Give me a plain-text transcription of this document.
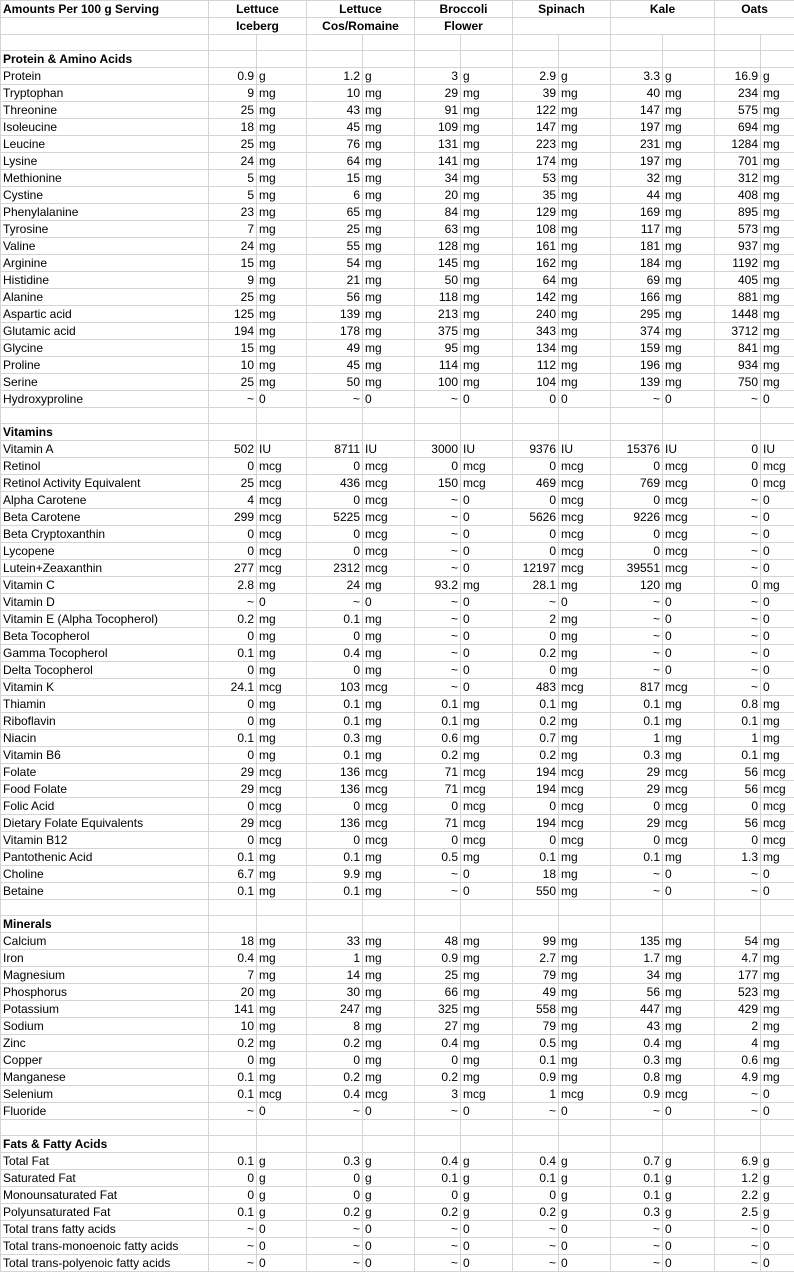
Amounts Per 100 g Serving	Lettuce		Lettuce		Broccoli		Spinach		Kale		Oats	
	Iceberg		Cos/Romaine		Flower							

Protein & Amino Acids												
Protein	0.9	g	1.2	g	3	g	2.9	g	3.3	g	16.9	g
Tryptophan	9	mg	10	mg	29	mg	39	mg	40	mg	234	mg
Threonine	25	mg	43	mg	91	mg	122	mg	147	mg	575	mg
Isoleucine	18	mg	45	mg	109	mg	147	mg	197	mg	694	mg
Leucine	25	mg	76	mg	131	mg	223	mg	231	mg	1284	mg
Lysine	24	mg	64	mg	141	mg	174	mg	197	mg	701	mg
Methionine	5	mg	15	mg	34	mg	53	mg	32	mg	312	mg
Cystine	5	mg	6	mg	20	mg	35	mg	44	mg	408	mg
Phenylalanine	23	mg	65	mg	84	mg	129	mg	169	mg	895	mg
Tyrosine	7	mg	25	mg	63	mg	108	mg	117	mg	573	mg
Valine	24	mg	55	mg	128	mg	161	mg	181	mg	937	mg
Arginine	15	mg	54	mg	145	mg	162	mg	184	mg	1192	mg
Histidine	9	mg	21	mg	50	mg	64	mg	69	mg	405	mg
Alanine	25	mg	56	mg	118	mg	142	mg	166	mg	881	mg
Aspartic acid	125	mg	139	mg	213	mg	240	mg	295	mg	1448	mg
Glutamic acid	194	mg	178	mg	375	mg	343	mg	374	mg	3712	mg
Glycine	15	mg	49	mg	95	mg	134	mg	159	mg	841	mg
Proline	10	mg	45	mg	114	mg	112	mg	196	mg	934	mg
Serine	25	mg	50	mg	100	mg	104	mg	139	mg	750	mg
Hydroxyproline	~	0	~	0	~	0	0	0	~	0	~	0

Vitamins												
Vitamin A	502	IU	8711	IU	3000	IU	9376	IU	15376	IU	0	IU
Retinol	0	mcg	0	mcg	0	mcg	0	mcg	0	mcg	0	mcg
Retinol Activity Equivalent	25	mcg	436	mcg	150	mcg	469	mcg	769	mcg	0	mcg
Alpha Carotene	4	mcg	0	mcg	~	0	0	mcg	0	mcg	~	0
Beta Carotene	299	mcg	5225	mcg	~	0	5626	mcg	9226	mcg	~	0
Beta Cryptoxanthin	0	mcg	0	mcg	~	0	0	mcg	0	mcg	~	0
Lycopene	0	mcg	0	mcg	~	0	0	mcg	0	mcg	~	0
Lutein+Zeaxanthin	277	mcg	2312	mcg	~	0	12197	mcg	39551	mcg	~	0
Vitamin C	2.8	mg	24	mg	93.2	mg	28.1	mg	120	mg	0	mg
Vitamin D	~	0	~	0	~	0	~	0	~	0	~	0
Vitamin E (Alpha Tocopherol)	0.2	mg	0.1	mg	~	0	2	mg	~	0	~	0
Beta Tocopherol	0	mg	0	mg	~	0	0	mg	~	0	~	0
Gamma Tocopherol	0.1	mg	0.4	mg	~	0	0.2	mg	~	0	~	0
Delta Tocopherol	0	mg	0	mg	~	0	0	mg	~	0	~	0
Vitamin K	24.1	mcg	103	mcg	~	0	483	mcg	817	mcg	~	0
Thiamin	0	mg	0.1	mg	0.1	mg	0.1	mg	0.1	mg	0.8	mg
Riboflavin	0	mg	0.1	mg	0.1	mg	0.2	mg	0.1	mg	0.1	mg
Niacin	0.1	mg	0.3	mg	0.6	mg	0.7	mg	1	mg	1	mg
Vitamin B6	0	mg	0.1	mg	0.2	mg	0.2	mg	0.3	mg	0.1	mg
Folate	29	mcg	136	mcg	71	mcg	194	mcg	29	mcg	56	mcg
Food Folate	29	mcg	136	mcg	71	mcg	194	mcg	29	mcg	56	mcg
Folic Acid	0	mcg	0	mcg	0	mcg	0	mcg	0	mcg	0	mcg
Dietary Folate Equivalents	29	mcg	136	mcg	71	mcg	194	mcg	29	mcg	56	mcg
Vitamin B12	0	mcg	0	mcg	0	mcg	0	mcg	0	mcg	0	mcg
Pantothenic Acid	0.1	mg	0.1	mg	0.5	mg	0.1	mg	0.1	mg	1.3	mg
Choline	6.7	mg	9.9	mg	~	0	18	mg	~	0	~	0
Betaine	0.1	mg	0.1	mg	~	0	550	mg	~	0	~	0

Minerals												
Calcium	18	mg	33	mg	48	mg	99	mg	135	mg	54	mg
Iron	0.4	mg	1	mg	0.9	mg	2.7	mg	1.7	mg	4.7	mg
Magnesium	7	mg	14	mg	25	mg	79	mg	34	mg	177	mg
Phosphorus	20	mg	30	mg	66	mg	49	mg	56	mg	523	mg
Potassium	141	mg	247	mg	325	mg	558	mg	447	mg	429	mg
Sodium	10	mg	8	mg	27	mg	79	mg	43	mg	2	mg
Zinc	0.2	mg	0.2	mg	0.4	mg	0.5	mg	0.4	mg	4	mg
Copper	0	mg	0	mg	0	mg	0.1	mg	0.3	mg	0.6	mg
Manganese	0.1	mg	0.2	mg	0.2	mg	0.9	mg	0.8	mg	4.9	mg
Selenium	0.1	mcg	0.4	mcg	3	mcg	1	mcg	0.9	mcg	~	0
Fluoride	~	0	~	0	~	0	~	0	~	0	~	0

Fats & Fatty Acids												
Total Fat	0.1	g	0.3	g	0.4	g	0.4	g	0.7	g	6.9	g
Saturated Fat	0	g	0	g	0.1	g	0.1	g	0.1	g	1.2	g
Monounsaturated Fat	0	g	0	g	0	g	0	g	0.1	g	2.2	g
Polyunsaturated Fat	0.1	g	0.2	g	0.2	g	0.2	g	0.3	g	2.5	g
Total trans fatty acids	~	0	~	0	~	0	~	0	~	0	~	0
Total trans-monoenoic fatty acids	~	0	~	0	~	0	~	0	~	0	~	0
Total trans-polyenoic fatty acids	~	0	~	0	~	0	~	0	~	0	~	0
